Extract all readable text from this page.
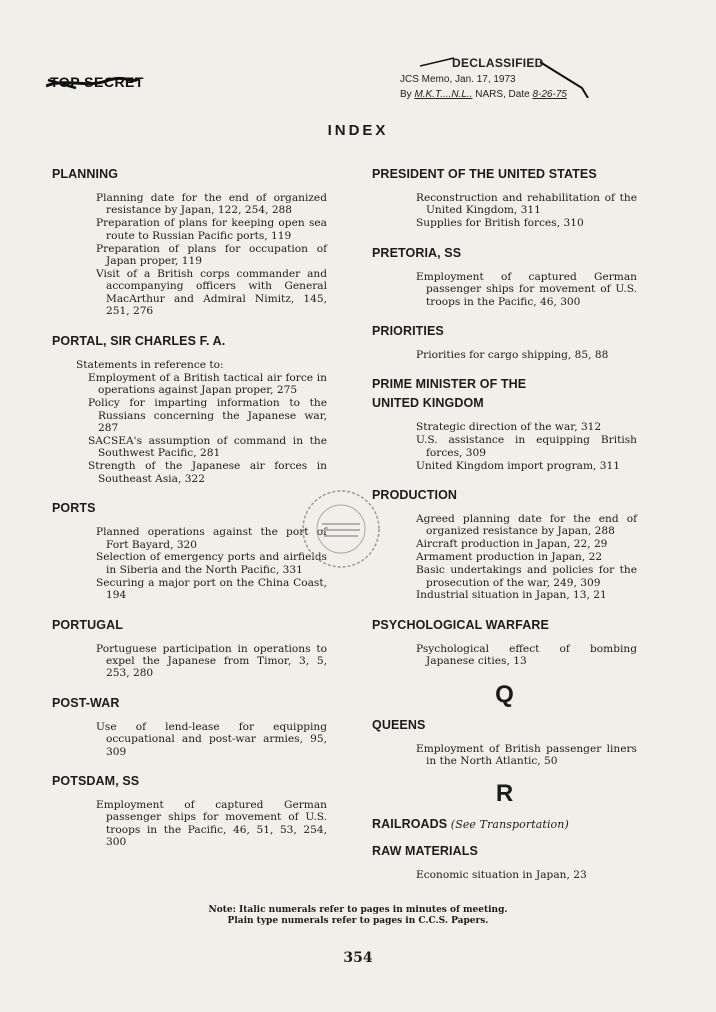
TOP SECRET
DECLASSIFIED
JCS Memo, Jan. 17, 1973
By M.K.T....N.L.. NARS, Date 8-26-75
INDEX
PLANNING
Planning date for the end of organized resistance by Japan, 122, 254, 288
Preparation of plans for keeping open sea route to Russian Pacific ports, 119
Preparation of plans for occupation of Japan proper, 119
Visit of a British corps commander and accompanying officers with General MacArthur and Admiral Nimitz, 145, 251, 276
PORTAL, SIR CHARLES F. A.
Statements in reference to:
Employment of a British tactical air force in operations against Japan proper, 275
Policy for imparting information to the Russians concerning the Japanese war, 287
SACSEA's assumption of command in the Southwest Pacific, 281
Strength of the Japanese air forces in Southeast Asia, 322
PORTS
Planned operations against the port of Fort Bayard, 320
Selection of emergency ports and airfields in Siberia and the North Pacific, 331
Securing a major port on the China Coast, 194
PORTUGAL
Portuguese participation in operations to expel the Japanese from Timor, 3, 5, 253, 280
POST-WAR
Use of lend-lease for equipping occupational and post-war armies, 95, 309
POTSDAM, SS
Employment of captured German passenger ships for movement of U.S. troops in the Pacific, 46, 51, 53, 254, 300
PRESIDENT OF THE UNITED STATES
Reconstruction and rehabilitation of the United Kingdom, 311
Supplies for British forces, 310
PRETORIA, SS
Employment of captured German passenger ships for movement of U.S. troops in the Pacific, 46, 300
PRIORITIES
Priorities for cargo shipping, 85, 88
PRIME MINISTER OF THE
UNITED KINGDOM
Strategic direction of the war, 312
U.S. assistance in equipping British forces, 309
United Kingdom import program, 311
PRODUCTION
Agreed planning date for the end of organized resistance by Japan, 288
Aircraft production in Japan, 22, 29
Armament production in Japan, 22
Basic undertakings and policies for the prosecution of the war, 249, 309
Industrial situation in Japan, 13, 21
PSYCHOLOGICAL WARFARE
Psychological effect of bombing Japanese cities, 13
Q
QUEENS
Employment of British passenger liners in the North Atlantic, 50
R
RAILROADS (See Transportation)
RAW MATERIALS
Economic situation in Japan, 23
Note: Italic numerals refer to pages in minutes of meeting.
Plain type numerals refer to pages in C.C.S. Papers.
354
